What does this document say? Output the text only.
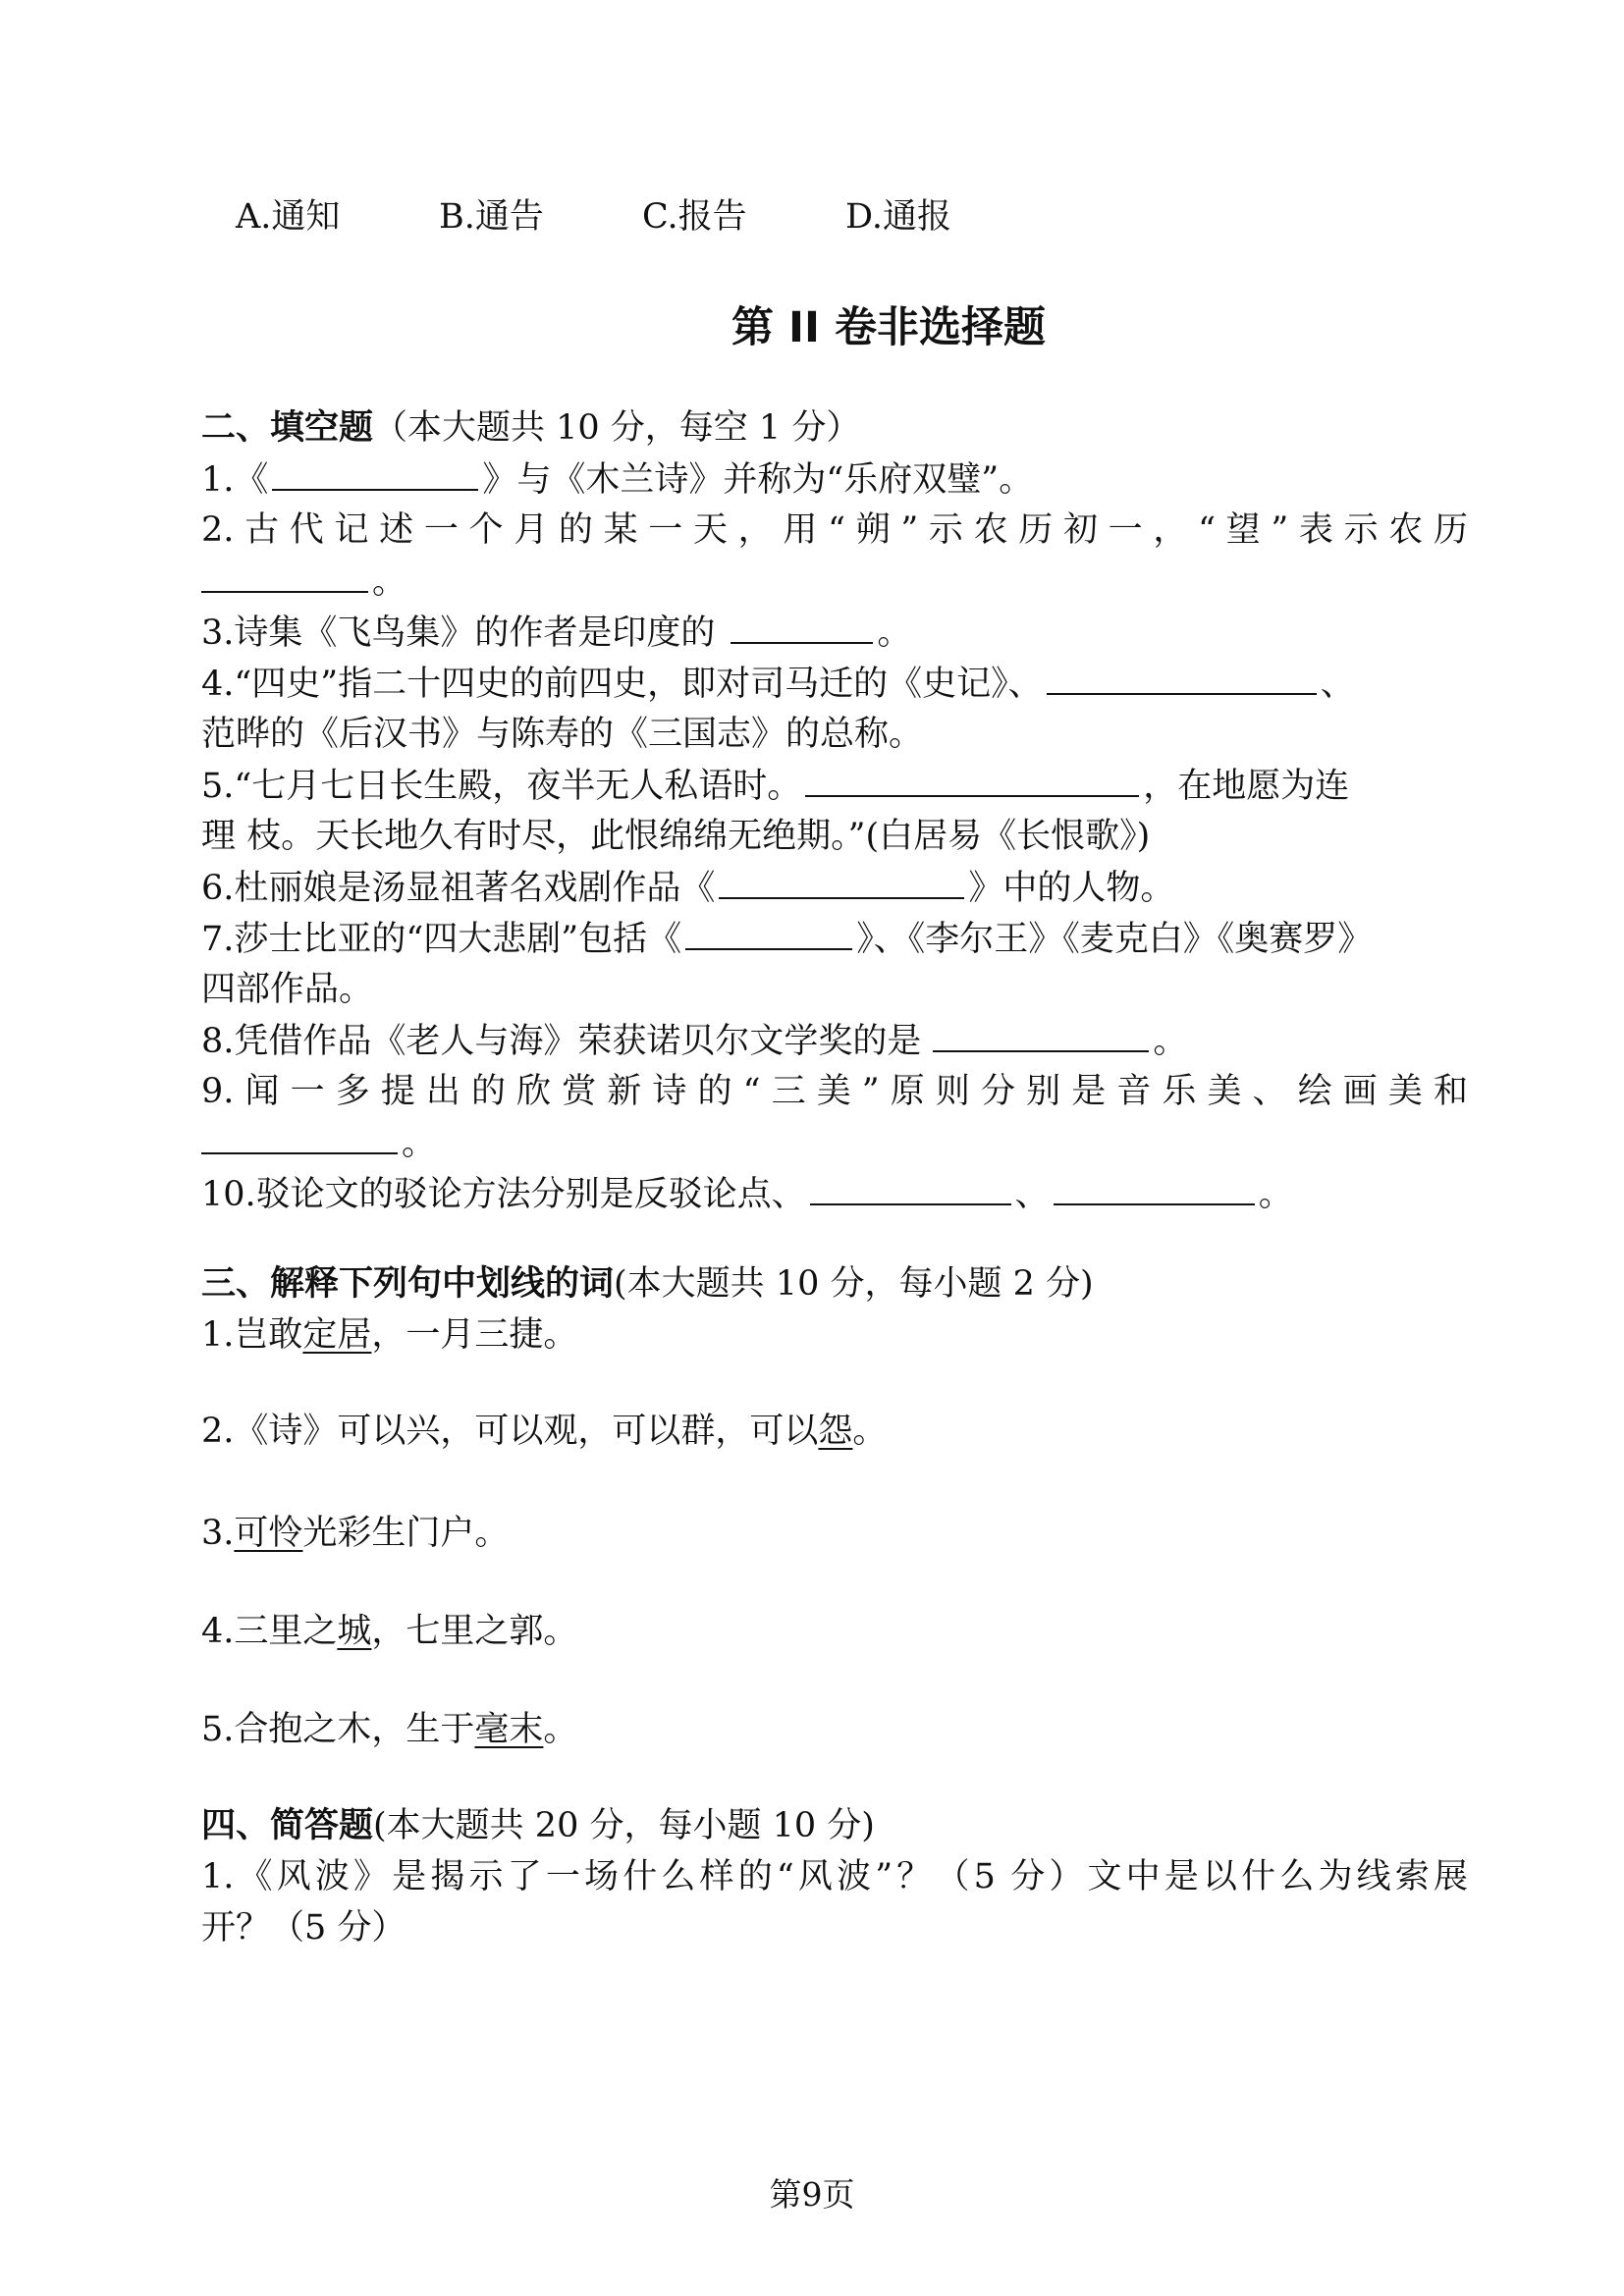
A.通知	B.通告	C.报告	D.通报
第 II 卷非选择题
二、填空题（本大题共 10 分，每空 1 分）
1.《	》与《木兰诗》并称为“乐府双璧”。
2.古代记述一个月的某一天，用“朔”示农历初一，“望”表示农历
。
3.诗集《飞鸟集》的作者是印度的	。
4.“四史”指二十四史的前四史，即对司马迁的《史记》、	、
范晔的《后汉书》与陈寿的《三国志》的总称。
5.“七月七日长生殿，夜半无人私语时。	，在地愿为连
理 枝。天长地久有时尽，此恨绵绵无绝期。”(白居易《长恨歌》)
6.杜丽娘是汤显祖著名戏剧作品《	》中的人物。
7.莎士比亚的“四大悲剧”包括《	》、《李尔王》《麦克白》《奥赛罗》
四部作品。
8.凭借作品《老人与海》荣获诺贝尔文学奖的是	。
9.闻一多提出的欣赏新诗的“三美”原则分别是音乐美、绘画美和
。
10.驳论文的驳论方法分别是反驳论点、	、	。
三、解释下列句中划线的词(本大题共 10 分，每小题 2 分)
1.岂敢定居，一月三捷。
2.《诗》可以兴，可以观，可以群，可以怨。
3.可怜光彩生门户。
4.三里之城，七里之郭。
5.合抱之木，生于毫末。
四、简答题(本大题共 20 分，每小题 10 分)
1.《风波》是揭示了一场什么样的“风波”？（5 分）文中是以什么为线索展
开？（5 分）
第9页
